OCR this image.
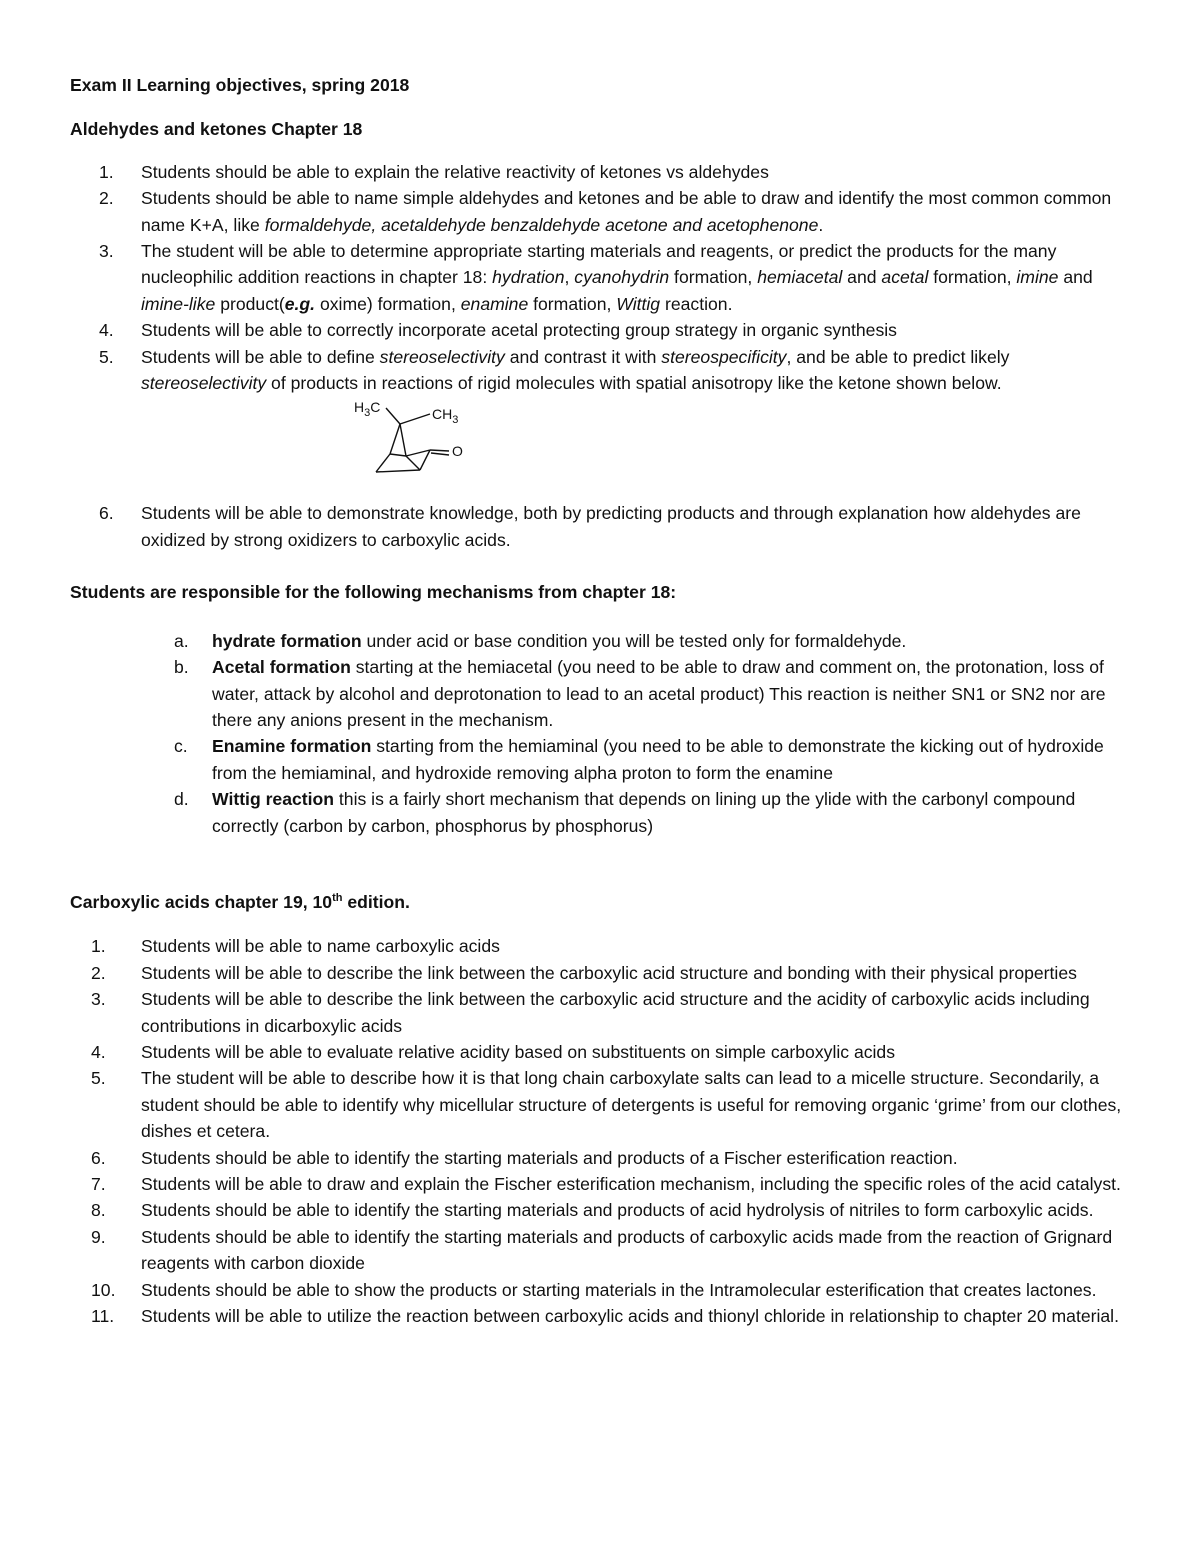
Exam II Learning objectives, spring 2018

Aldehydes and ketones Chapter 18

1. Students should be able to explain the relative reactivity of ketones vs aldehydes
2. Students should be able to name simple aldehydes and ketones and be able to draw and identify the most common common name K+A, like formaldehyde, acetaldehyde benzaldehyde acetone and acetophenone.
3. The student will be able to determine appropriate starting materials and reagents, or predict the products for the many nucleophilic addition reactions in chapter 18: hydration, cyanohydrin formation, hemiacetal and acetal formation, imine and imine-like product(e.g. oxime) formation, enamine formation, Wittig reaction.
4. Students will be able to correctly incorporate acetal protecting group strategy in organic synthesis
5. Students will be able to define stereoselectivity and contrast it with stereospecificity, and be able to predict likely stereoselectivity of products in reactions of rigid molecules with spatial anisotropy like the ketone shown below.
$H_3C$	$CH_3$
O
6. Students will be able to demonstrate knowledge, both by predicting products and through explanation how aldehydes are oxidized by strong oxidizers to carboxylic acids.

Students are responsible for the following mechanisms from chapter 18:

a. hydrate formation under acid or base condition you will be tested only for formaldehyde.
b. Acetal formation starting at the hemiacetal (you need to be able to draw and comment on, the protonation, loss of water, attack by alcohol and deprotonation to lead to an acetal product) This reaction is neither SN1 or SN2 nor are there any anions present in the mechanism.
c. Enamine formation starting from the hemiaminal (you need to be able to demonstrate the kicking out of hydroxide from the hemiaminal, and hydroxide removing alpha proton to form the enamine
d. Wittig reaction this is a fairly short mechanism that depends on lining up the ylide with the carbonyl compound correctly (carbon by carbon, phosphorus by phosphorus)

Carboxylic acids chapter 19, 10th edition.

1. Students will be able to name carboxylic acids
2. Students will be able to describe the link between the carboxylic acid structure and bonding with their physical properties
3. Students will be able to describe the link between the carboxylic acid structure and the acidity of carboxylic acids including contributions in dicarboxylic acids
4. Students will be able to evaluate relative acidity based on substituents on simple carboxylic acids
5. The student will be able to describe how it is that long chain carboxylate salts can lead to a micelle structure. Secondarily, a student should be able to identify why micellular structure of detergents is useful for removing organic ‘grime’ from our clothes, dishes et cetera.
6. Students should be able to identify the starting materials and products of a Fischer esterification reaction.
7. Students will be able to draw and explain the Fischer esterification mechanism, including the specific roles of the acid catalyst.
8. Students should be able to identify the starting materials and products of acid hydrolysis of nitriles to form carboxylic acids.
9. Students should be able to identify the starting materials and products of carboxylic acids made from the reaction of Grignard reagents with carbon dioxide
10. Students should be able to show the products or starting materials in the Intramolecular esterification that creates lactones.
11. Students will be able to utilize the reaction between carboxylic acids and thionyl chloride in relationship to chapter 20 material.
